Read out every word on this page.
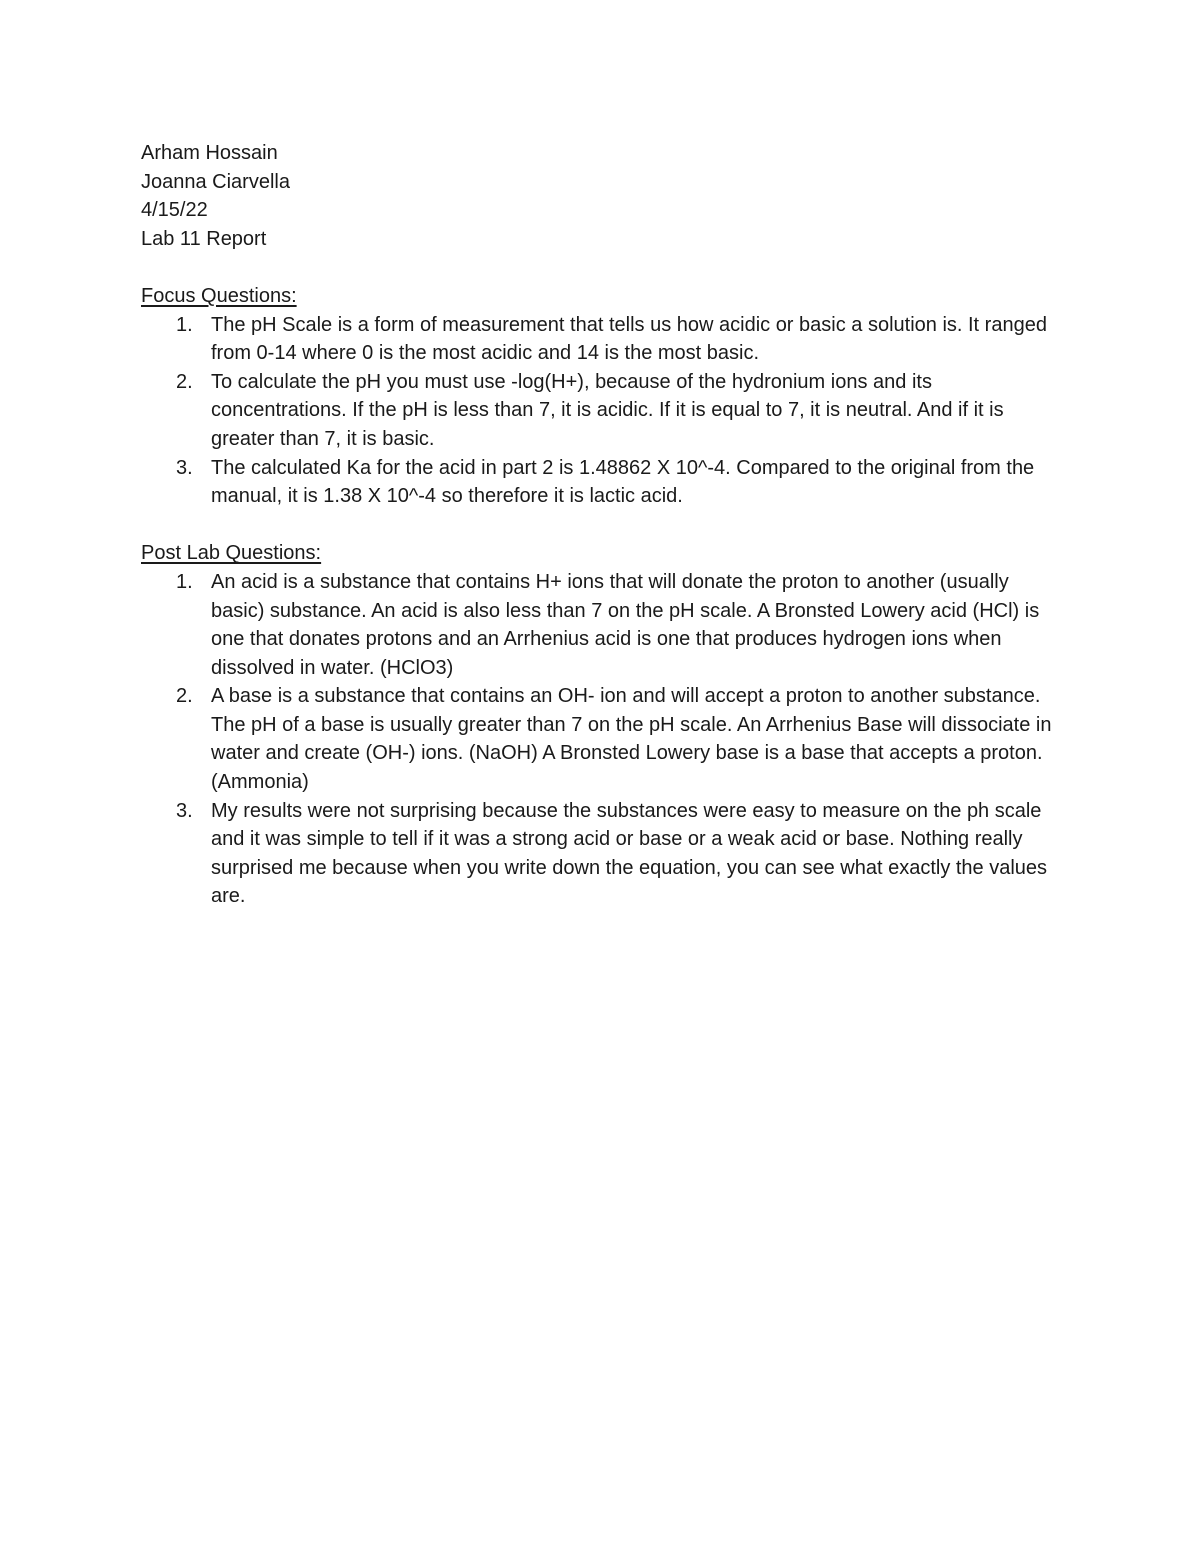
Arham Hossain
Joanna Ciarvella
4/15/22
Lab 11 Report
Focus Questions:
1. The pH Scale is a form of measurement that tells us how acidic or basic a solution is. It ranged from 0-14 where 0 is the most acidic and 14 is the most basic.
2. To calculate the pH you must use -log(H+), because of the hydronium ions and its concentrations. If the pH is less than 7, it is acidic. If it is equal to 7, it is neutral. And if it is greater than 7, it is basic.
3. The calculated Ka for the acid in part 2 is 1.48862 X 10^-4. Compared to the original from the manual, it is 1.38 X 10^-4 so therefore it is lactic acid.
Post Lab Questions:
1. An acid is a substance that contains H+ ions that will donate the proton to another (usually basic) substance. An acid is also less than 7 on the pH scale. A Bronsted Lowery acid (HCl) is one that donates protons and an Arrhenius acid is one that produces hydrogen ions when dissolved in water. (HClO3)
2. A base is a substance that contains an OH- ion and will accept a proton to another substance. The pH of a base is usually greater than 7 on the pH scale. An Arrhenius Base will dissociate in water and create (OH-) ions. (NaOH) A Bronsted Lowery base is a base that accepts a proton. (Ammonia)
3. My results were not surprising because the substances were easy to measure on the ph scale and it was simple to tell if it was a strong acid or base or a weak acid or base. Nothing really surprised me because when you write down the equation, you can see what exactly the values are.
